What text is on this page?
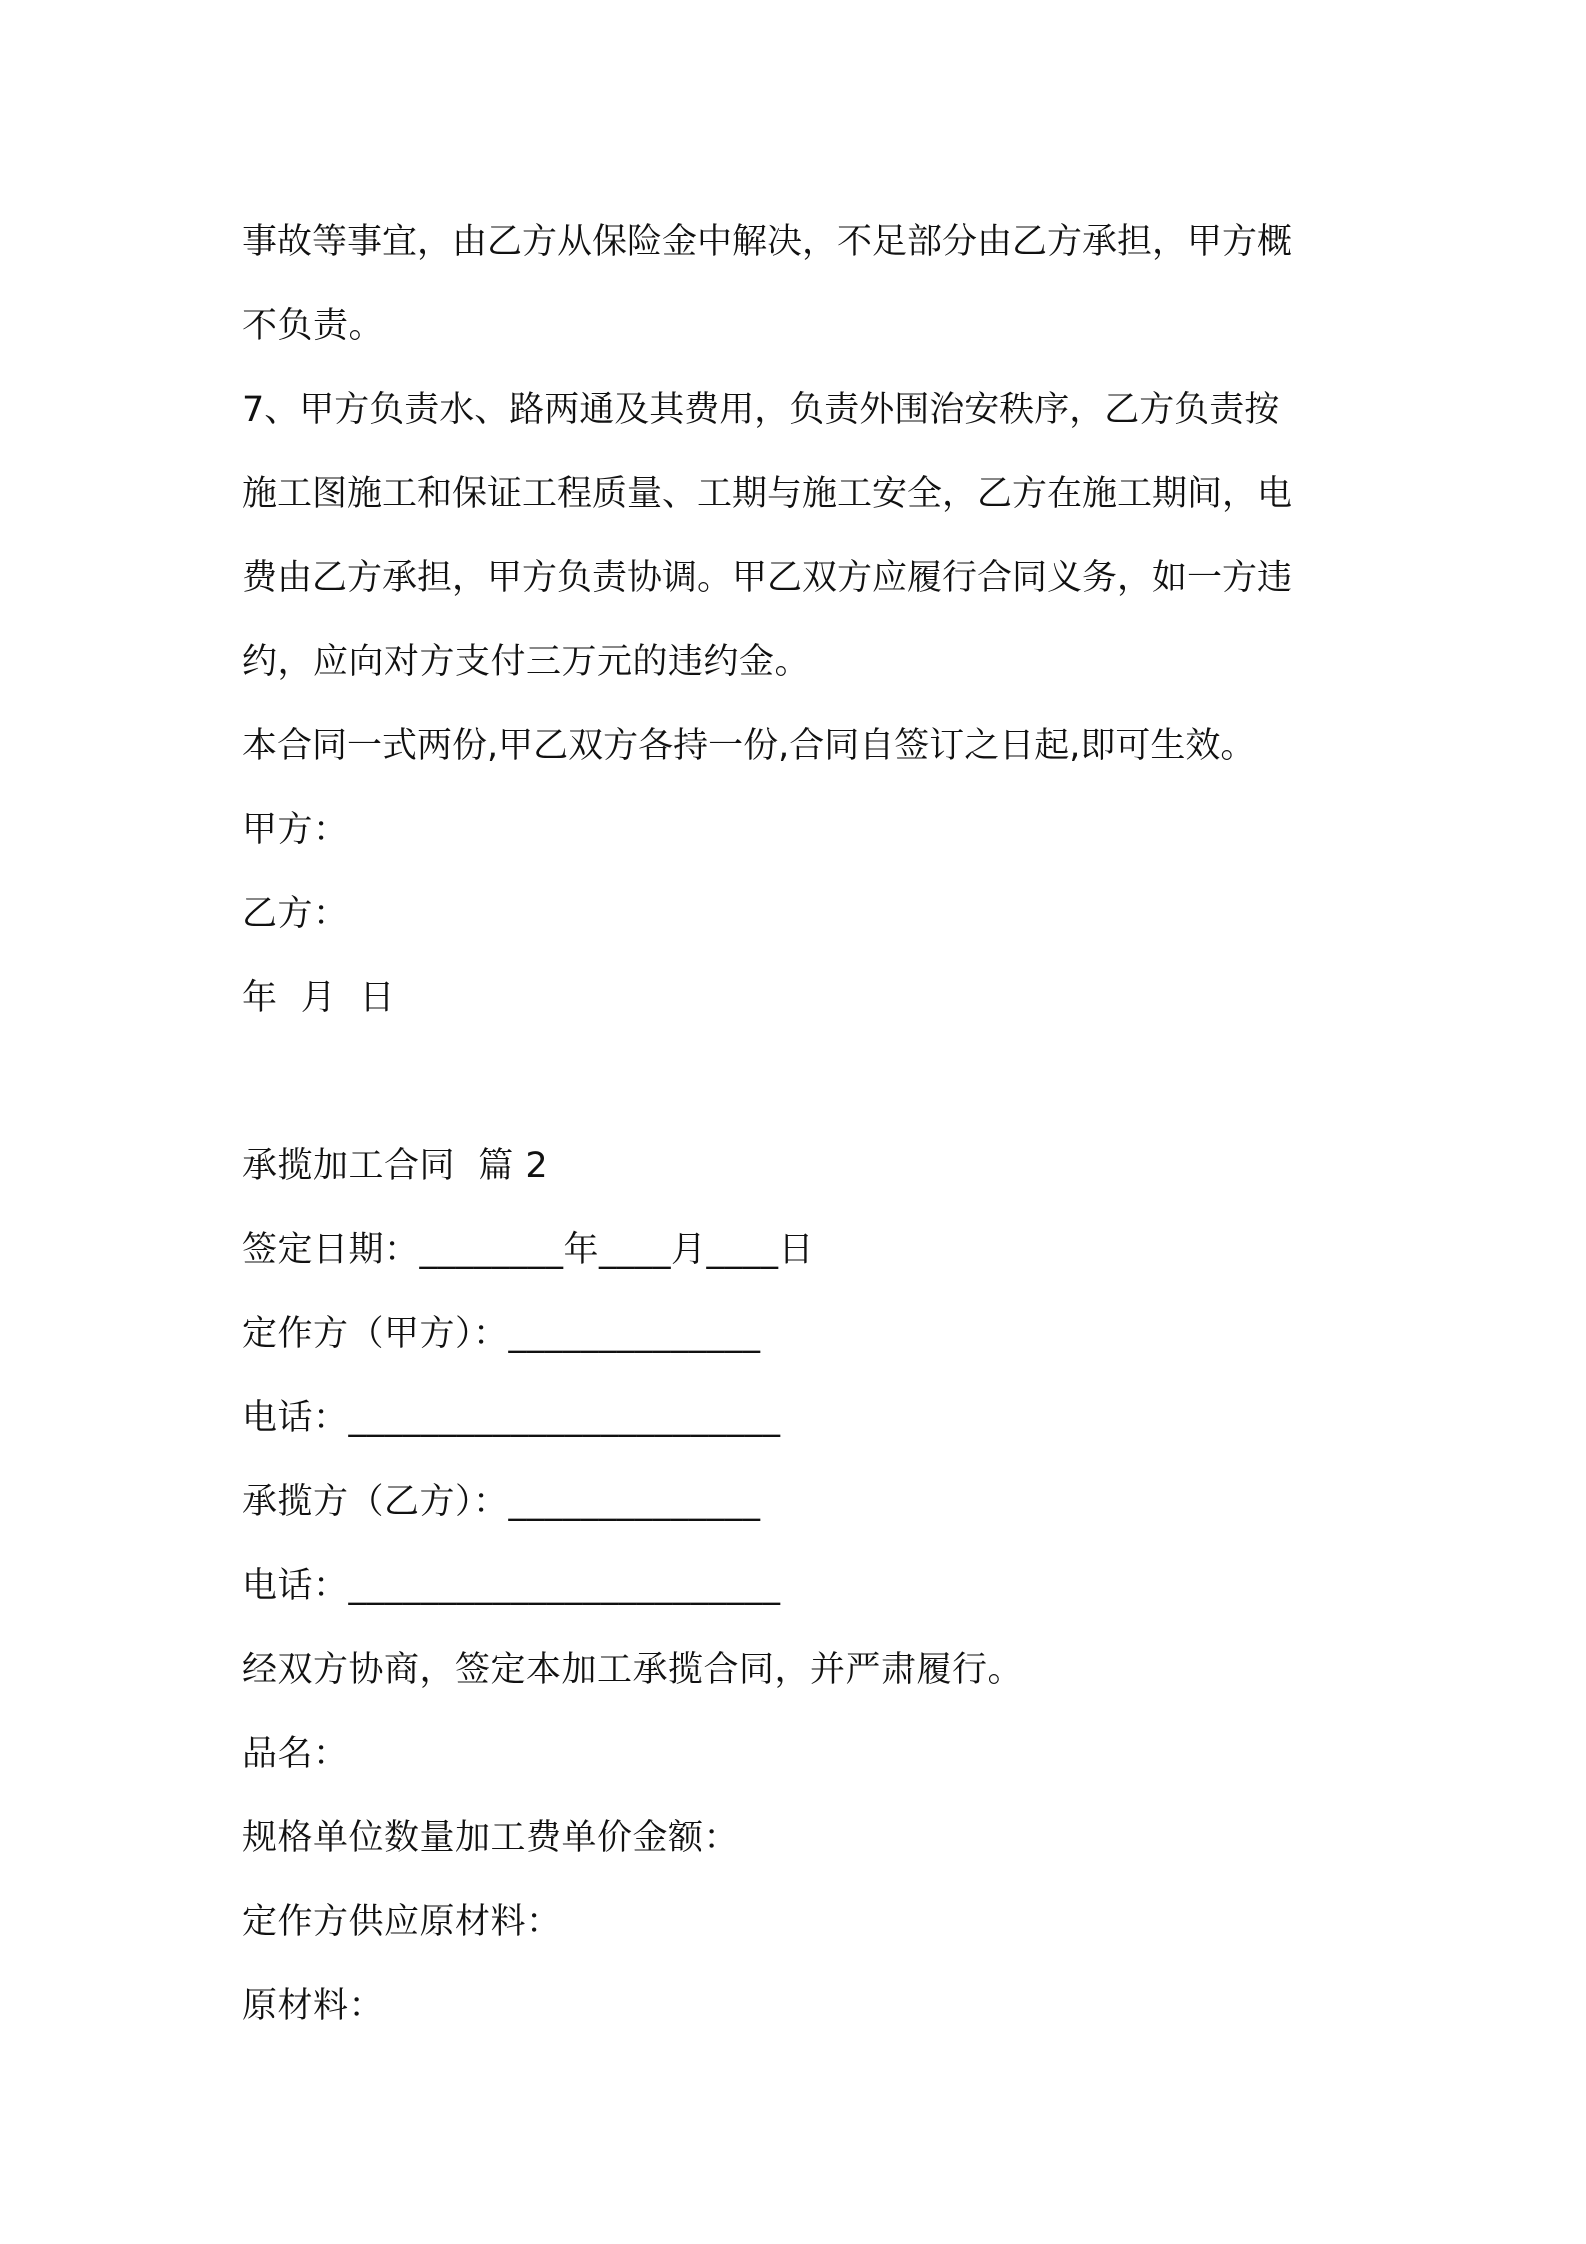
事故等事宜，由乙方从保险金中解决，不足部分由乙方承担，甲方概
不负责。
7、甲方负责水、路两通及其费用，负责外围治安秩序，乙方负责按
施工图施工和保证工程质量、工期与施工安全，乙方在施工期间，电
费由乙方承担，甲方负责协调。甲乙双方应履行合同义务，如一方违
约，应向对方支付三万元的违约金。
本合同一式两份,甲乙双方各持一份,合同自签订之日起,即可生效。
甲方：
乙方：
年  月  日
承揽加工合同  篇 2
签定日期：________年____月____日
定作方（甲方）：______________
电话：________________________
承揽方（乙方）：______________
电话：________________________
经双方协商，签定本加工承揽合同，并严肃履行。
品名：
规格单位数量加工费单价金额：
定作方供应原材料：
原材料：
